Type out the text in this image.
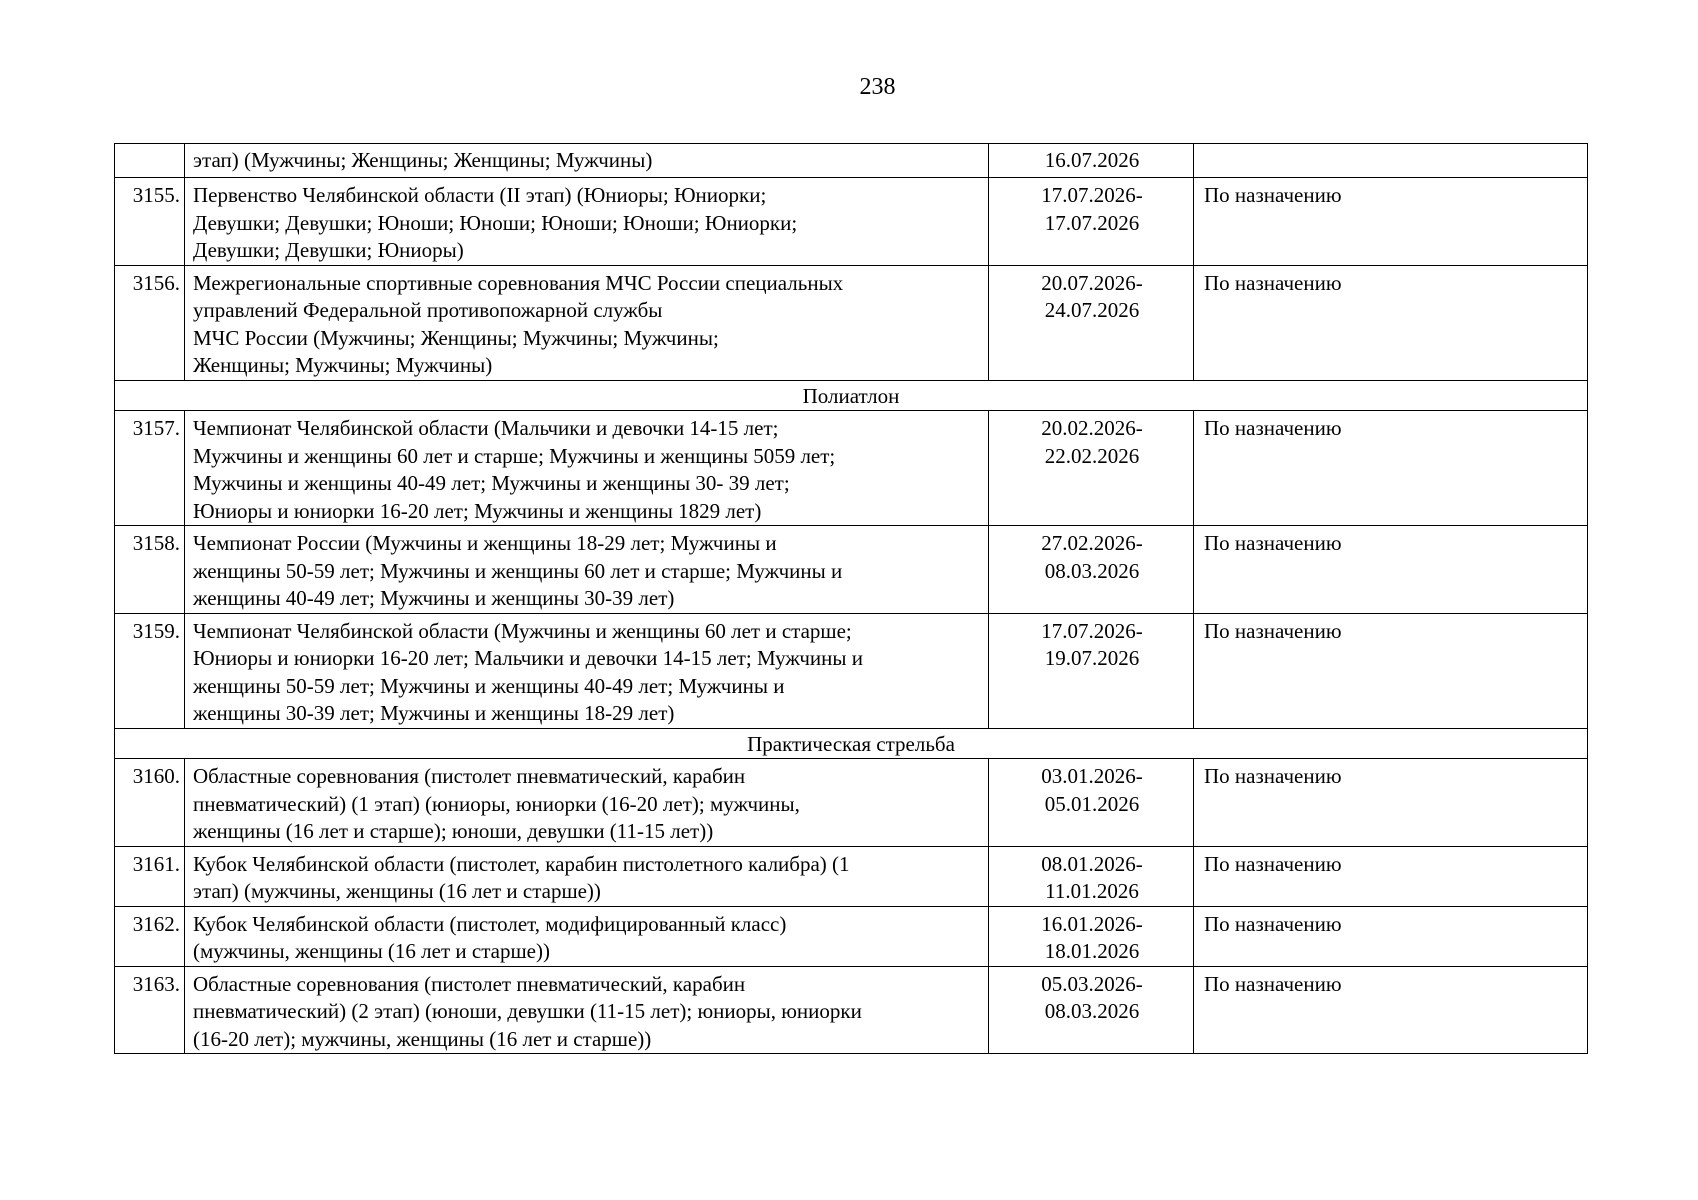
238
	этап) (Мужчины; Женщины; Женщины; Мужчины)	16.07.2026	
3155.	Первенство Челябинской области (II этап) (Юниоры; Юниорки;
Девушки; Девушки; Юноши; Юноши; Юноши; Юноши; Юниорки;
Девушки; Девушки; Юниоры)	17.07.2026-
17.07.2026	По назначению
3156.	Межрегиональные спортивные соревнования МЧС России специальных
управлений Федеральной противопожарной службы
МЧС России (Мужчины; Женщины; Мужчины; Мужчины;
Женщины; Мужчины; Мужчины)	20.07.2026-
24.07.2026	По назначению
Полиатлон			
3157.	Чемпионат Челябинской области (Мальчики и девочки 14-15 лет;
Мужчины и женщины 60 лет и старше; Мужчины и женщины 5059 лет;
Мужчины и женщины 40-49 лет; Мужчины и женщины 30- 39 лет;
Юниоры и юниорки 16-20 лет; Мужчины и женщины 1829 лет)	20.02.2026-
22.02.2026	По назначению
3158.	Чемпионат России (Мужчины и женщины 18-29 лет; Мужчины и
женщины 50-59 лет; Мужчины и женщины 60 лет и старше; Мужчины и
женщины 40-49 лет; Мужчины и женщины 30-39 лет)	27.02.2026-
08.03.2026	По назначению
3159.	Чемпионат Челябинской области (Мужчины и женщины 60 лет и старше;
Юниоры и юниорки 16-20 лет; Мальчики и девочки 14-15 лет; Мужчины и
женщины 50-59 лет; Мужчины и женщины 40-49 лет; Мужчины и
женщины 30-39 лет; Мужчины и женщины 18-29 лет)	17.07.2026-
19.07.2026	По назначению
Практическая стрельба			
3160.	Областные соревнования (пистолет пневматический, карабин
пневматический) (1 этап) (юниоры, юниорки (16-20 лет); мужчины,
женщины (16 лет и старше); юноши, девушки (11-15 лет))	03.01.2026-
05.01.2026	По назначению
3161.	Кубок Челябинской области (пистолет, карабин пистолетного калибра) (1
этап) (мужчины, женщины (16 лет и старше))	08.01.2026-
11.01.2026	По назначению
3162.	Кубок Челябинской области (пистолет, модифицированный класс)
(мужчины, женщины (16 лет и старше))	16.01.2026-
18.01.2026	По назначению
3163.	Областные соревнования (пистолет пневматический, карабин
пневматический) (2 этап) (юноши, девушки (11-15 лет); юниоры, юниорки
(16-20 лет); мужчины, женщины (16 лет и старше))	05.03.2026-
08.03.2026	По назначению
